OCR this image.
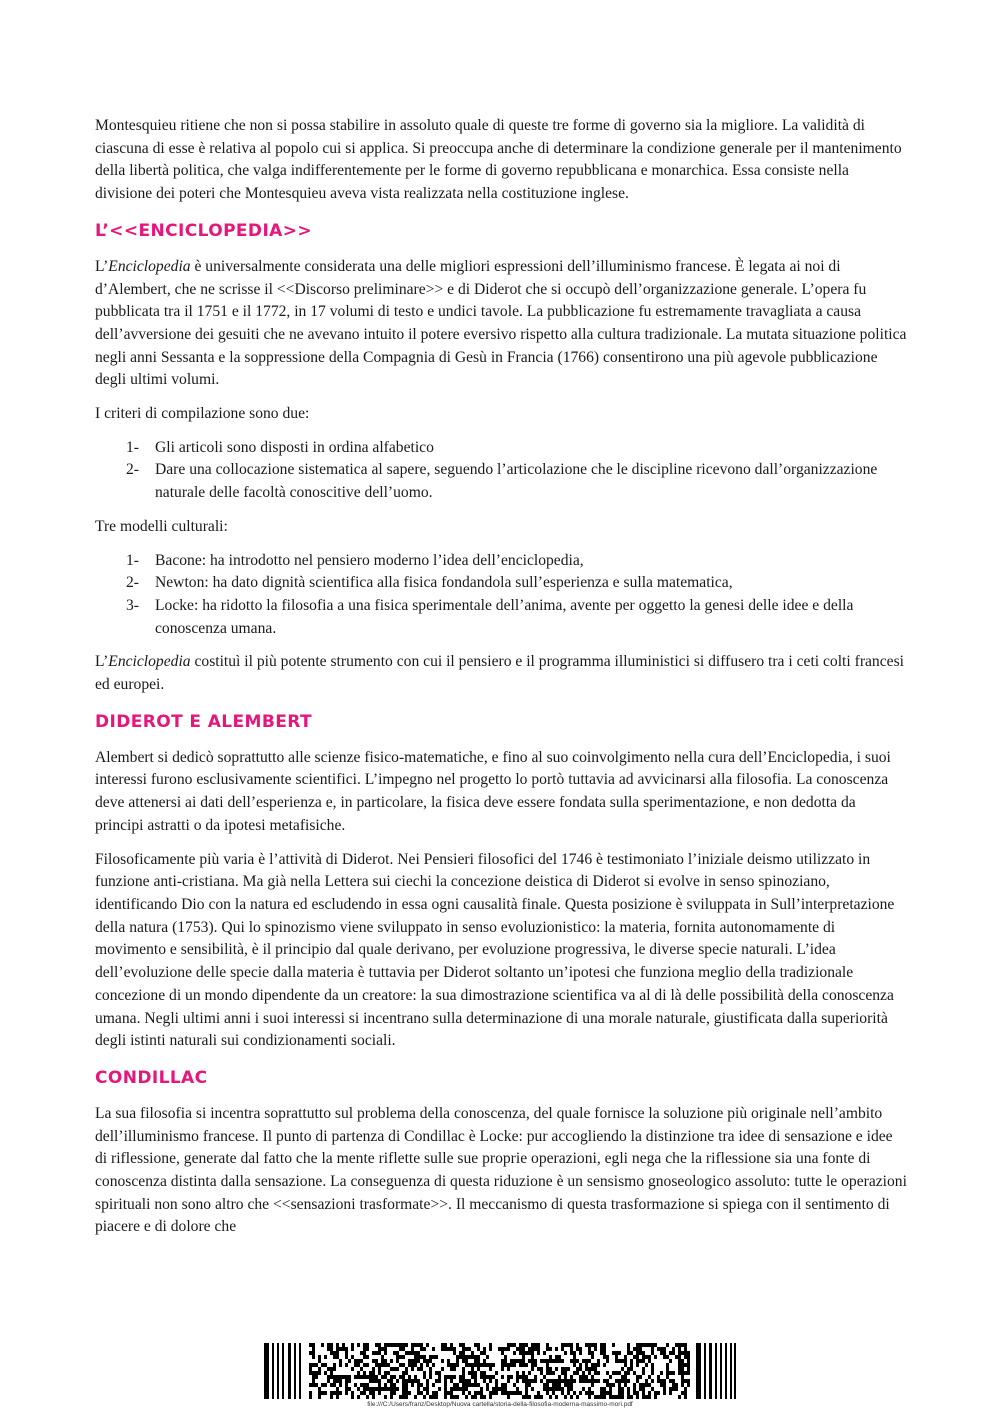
Montesquieu ritiene che non si possa stabilire in assoluto quale di queste tre forme di governo sia la migliore. La validità di ciascuna di esse è relativa al popolo cui si applica. Si preoccupa anche di determinare la condizione generale per il mantenimento della libertà politica, che valga indifferentemente per le forme di governo repubblicana e monarchica. Essa consiste nella divisione dei poteri che Montesquieu aveva vista realizzata nella costituzione inglese.

L’<<ENCICLOPEDIA>>

L’Enciclopedia è universalmente considerata una delle migliori espressioni dell’illuminismo francese. È legata ai noi di d’Alembert, che ne scrisse il <<Discorso preliminare>> e di Diderot che si occupò dell’organizzazione generale. L’opera fu pubblicata tra il 1751 e il 1772, in 17 volumi di testo e undici tavole. La pubblicazione fu estremamente travagliata a causa dell’avversione dei gesuiti che ne avevano intuito il potere eversivo rispetto alla cultura tradizionale. La mutata situazione politica negli anni Sessanta e la soppressione della Compagnia di Gesù in Francia (1766) consentirono una più agevole pubblicazione degli ultimi volumi.

I criteri di compilazione sono due:

1- Gli articoli sono disposti in ordina alfabetico
2- Dare una collocazione sistematica al sapere, seguendo l’articolazione che le discipline ricevono dall’organizzazione naturale delle facoltà conoscitive dell’uomo.

Tre modelli culturali:

1- Bacone: ha introdotto nel pensiero moderno l’idea dell’enciclopedia,
2- Newton: ha dato dignità scientifica alla fisica fondandola sull’esperienza e sulla matematica,
3- Locke: ha ridotto la filosofia a una fisica sperimentale dell’anima, avente per oggetto la genesi delle idee e della conoscenza umana.

L’Enciclopedia costituì il più potente strumento con cui il pensiero e il programma illuministici si diffusero tra i ceti colti francesi ed europei.

DIDEROT E ALEMBERT

Alembert si dedicò soprattutto alle scienze fisico-matematiche, e fino al suo coinvolgimento nella cura dell’Enciclopedia, i suoi interessi furono esclusivamente scientifici. L’impegno nel progetto lo portò tuttavia ad avvicinarsi alla filosofia. La conoscenza deve attenersi ai dati dell’esperienza e, in particolare, la fisica deve essere fondata sulla sperimentazione, e non dedotta da principi astratti o da ipotesi metafisiche.

Filosoficamente più varia è l’attività di Diderot. Nei Pensieri filosofici del 1746 è testimoniato l’iniziale deismo utilizzato in funzione anti-cristiana. Ma già nella Lettera sui ciechi la concezione deistica di Diderot si evolve in senso spinoziano, identificando Dio con la natura ed escludendo in essa ogni causalità finale. Questa posizione è sviluppata in Sull’interpretazione della natura (1753). Qui lo spinozismo viene sviluppato in senso evoluzionistico: la materia, fornita autonomamente di movimento e sensibilità, è il principio dal quale derivano, per evoluzione progressiva, le diverse specie naturali. L’idea dell’evoluzione delle specie dalla materia è tuttavia per Diderot soltanto un’ipotesi che funziona meglio della tradizionale concezione di un mondo dipendente da un creatore: la sua dimostrazione scientifica va al di là delle possibilità della conoscenza umana. Negli ultimi anni i suoi interessi si incentrano sulla determinazione di una morale naturale, giustificata dalla superiorità degli istinti naturali sui condizionamenti sociali.

CONDILLAC

La sua filosofia si incentra soprattutto sul problema della conoscenza, del quale fornisce la soluzione più originale nell’ambito dell’illuminismo francese. Il punto di partenza di Condillac è Locke: pur accogliendo la distinzione tra idee di sensazione e idee di riflessione, generate dal fatto che la mente riflette sulle sue proprie operazioni, egli nega che la riflessione sia una fonte di conoscenza distinta dalla sensazione. La conseguenza di questa riduzione è un sensismo gnoseologico assoluto: tutte le operazioni spirituali non sono altro che <<sensazioni trasformate>>. Il meccanismo di questa trasformazione si spiega con il sentimento di piacere e di dolore che

file:///C:/Users/franz/Desktop/Nuova cartella/storia-della-filosofia-moderna-massimo-mori.pdf
